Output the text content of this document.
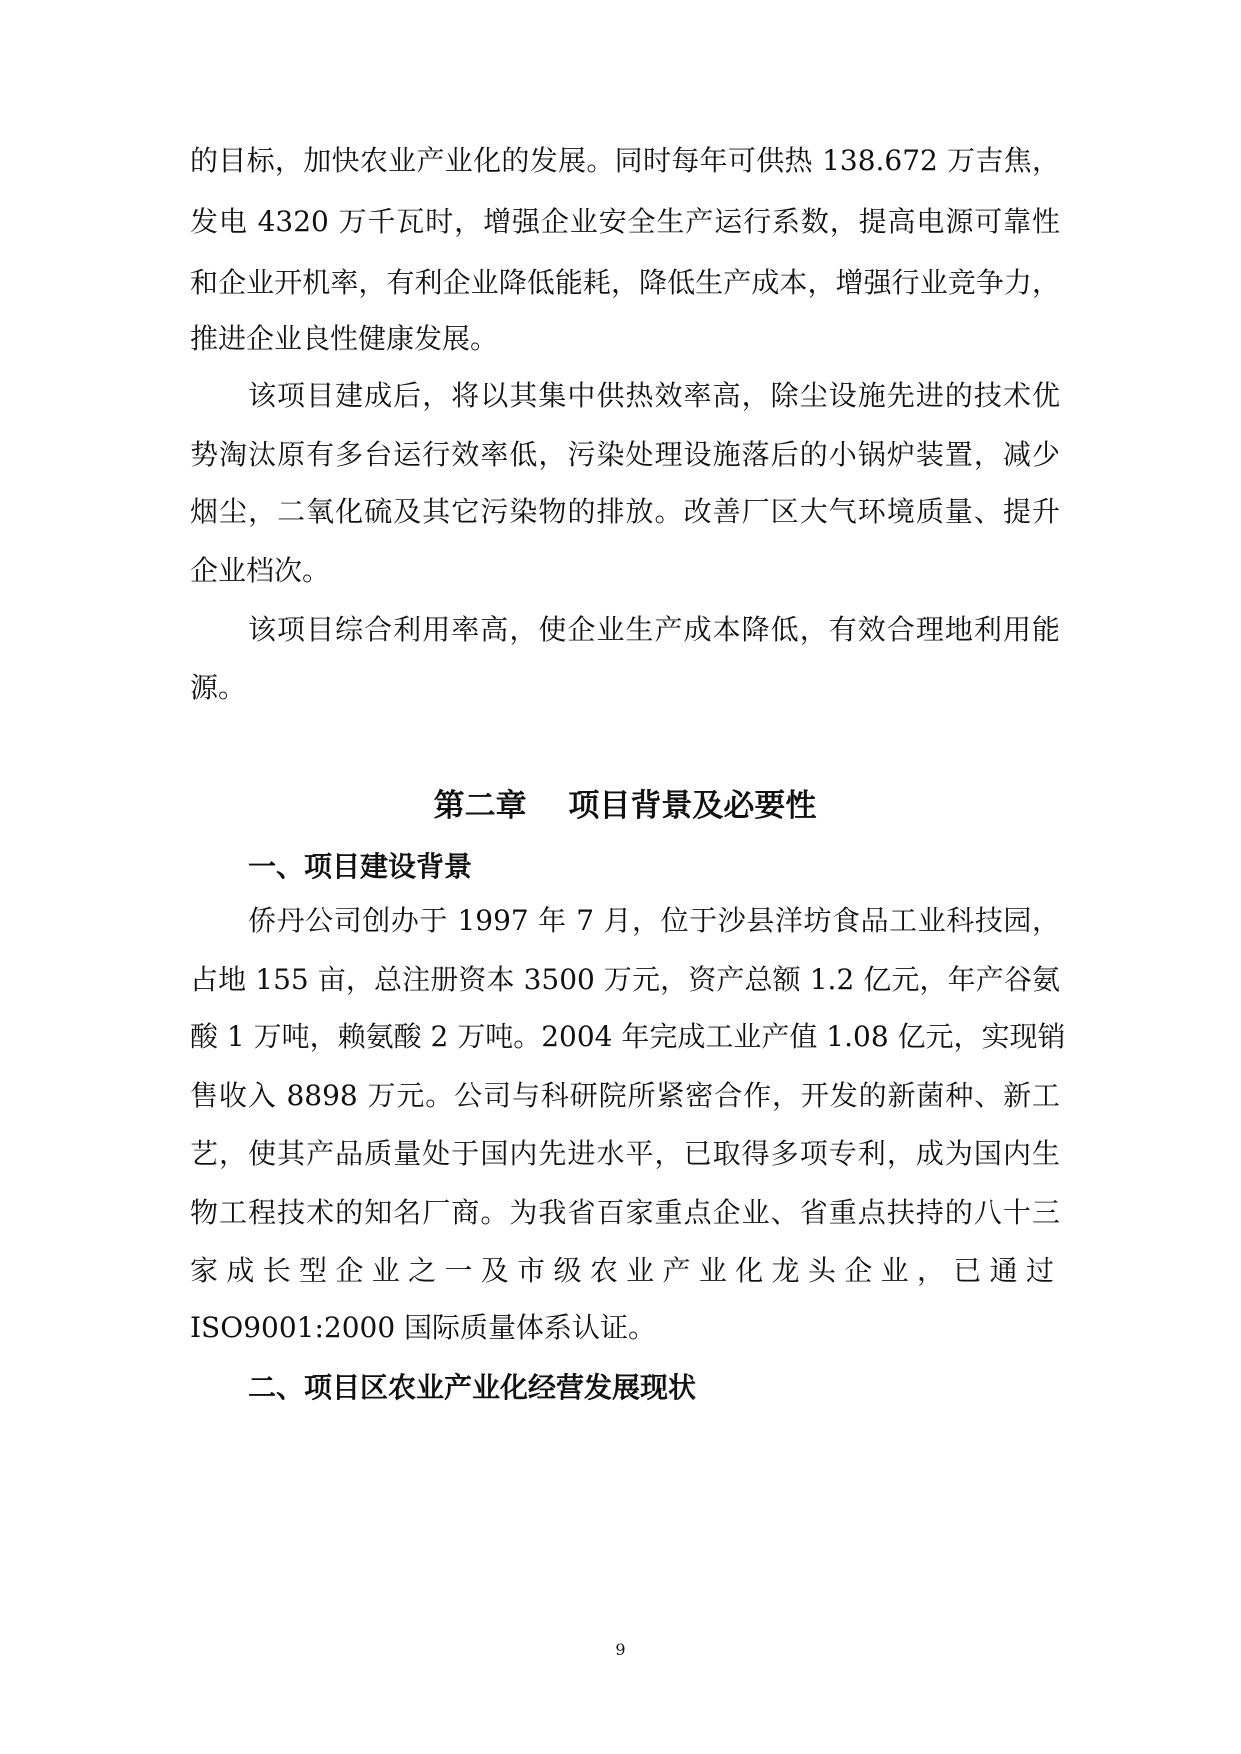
的目标，加快农业产业化的发展。同时每年可供热 138.672 万吉焦，

发电 4320 万千瓦时，增强企业安全生产运行系数，提高电源可靠性

和企业开机率，有利企业降低能耗，降低生产成本，增强行业竞争力，

推进企业良性健康发展。

该项目建成后，将以其集中供热效率高，除尘设施先进的技术优

势淘汰原有多台运行效率低，污染处理设施落后的小锅炉装置，减少

烟尘，二氧化硫及其它污染物的排放。改善厂区大气环境质量、提升

企业档次。

该项目综合利用率高，使企业生产成本降低，有效合理地利用能

源。

第二章　 项目背景及必要性
一、项目建设背景

侨丹公司创办于 1997 年 7 月，位于沙县洋坊食品工业科技园，

占地 155 亩，总注册资本 3500 万元，资产总额 1.2 亿元，年产谷氨

酸 1 万吨，赖氨酸 2 万吨。2004 年完成工业产值 1.08 亿元，实现销

售收入 8898 万元。公司与科研院所紧密合作，开发的新菌种、新工

艺，使其产品质量处于国内先进水平，已取得多项专利，成为国内生

物工程技术的知名厂商。为我省百家重点企业、省重点扶持的八十三

家成长型企业之一及市级农业产业化龙头企业，已通过

ISO9001:2000 国际质量体系认证。

二、项目区农业产业化经营发展现状
9
